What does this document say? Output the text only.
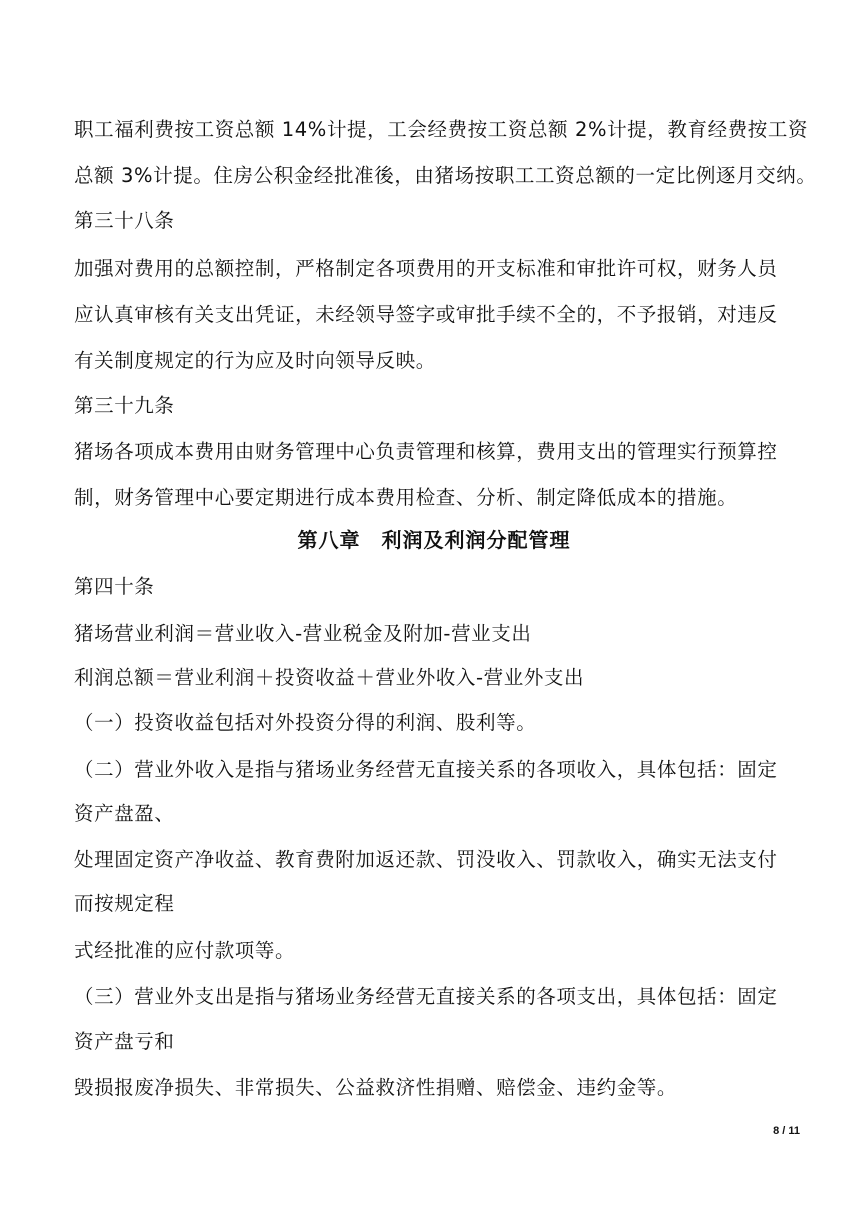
职工福利费按工资总额 14%计提，工会经费按工资总额 2%计提，教育经费按工资
总额 3%计提。住房公积金经批准後，由猪场按职工工资总额的一定比例逐月交纳。
第三十八条
加强对费用的总额控制，严格制定各项费用的开支标准和审批许可权，财务人员
应认真审核有关支出凭证，未经领导签字或审批手续不全的，不予报销，对违反
有关制度规定的行为应及时向领导反映。
第三十九条
猪场各项成本费用由财务管理中心负责管理和核算，费用支出的管理实行预算控
制，财务管理中心要定期进行成本费用检查、分析、制定降低成本的措施。
第八章　利润及利润分配管理
第四十条
猪场营业利润＝营业收入-营业税金及附加-营业支出
利润总额＝营业利润＋投资收益＋营业外收入-营业外支出
（一）投资收益包括对外投资分得的利润、股利等。
（二）营业外收入是指与猪场业务经营无直接关系的各项收入，具体包括：固定
资产盘盈、
处理固定资产净收益、教育费附加返还款、罚没收入、罚款收入，确实无法支付
而按规定程
式经批准的应付款项等。
（三）营业外支出是指与猪场业务经营无直接关系的各项支出，具体包括：固定
资产盘亏和
毁损报废净损失、非常损失、公益救济性捐赠、赔偿金、违约金等。
8 / 11
